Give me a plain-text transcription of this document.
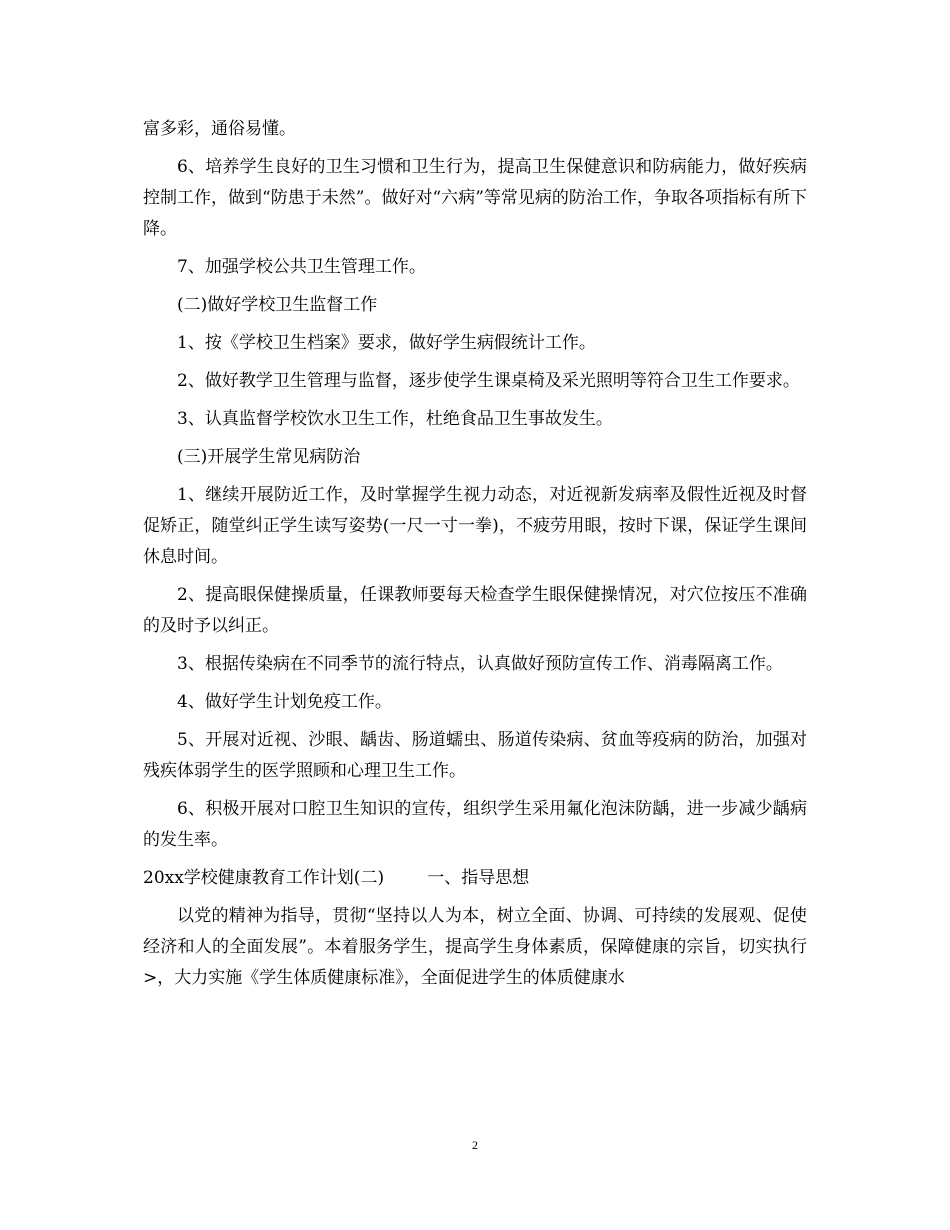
富多彩，通俗易懂。

6、培养学生良好的卫生习惯和卫生行为，提高卫生保健意识和防病能力，做好疾病控制工作，做到“防患于未然”。做好对“六病”等常见病的防治工作，争取各项指标有所下降。

7、加强学校公共卫生管理工作。

(二)做好学校卫生监督工作

1、按《学校卫生档案》要求，做好学生病假统计工作。

2、做好教学卫生管理与监督，逐步使学生课桌椅及采光照明等符合卫生工作要求。

3、认真监督学校饮水卫生工作，杜绝食品卫生事故发生。

(三)开展学生常见病防治

1、继续开展防近工作，及时掌握学生视力动态，对近视新发病率及假性近视及时督促矫正，随堂纠正学生读写姿势(一尺一寸一拳)，不疲劳用眼，按时下课，保证学生课间休息时间。

2、提高眼保健操质量，任课教师要每天检查学生眼保健操情况，对穴位按压不准确的及时予以纠正。

3、根据传染病在不同季节的流行特点，认真做好预防宣传工作、消毒隔离工作。

4、做好学生计划免疫工作。

5、开展对近视、沙眼、龋齿、肠道蠕虫、肠道传染病、贫血等疫病的防治，加强对残疾体弱学生的医学照顾和心理卫生工作。

6、积极开展对口腔卫生知识的宣传，组织学生采用氟化泡沫防龋，进一步减少龋病的发生率。

20xx学校健康教育工作计划(二)        一、指导思想

以党的精神为指导，贯彻“坚持以人为本，树立全面、协调、可持续的发展观、促使经济和人的全面发展”。本着服务学生，提高学生身体素质，保障健康的宗旨，切实执行>，大力实施《学生体质健康标准》，全面促进学生的体质健康水

2
